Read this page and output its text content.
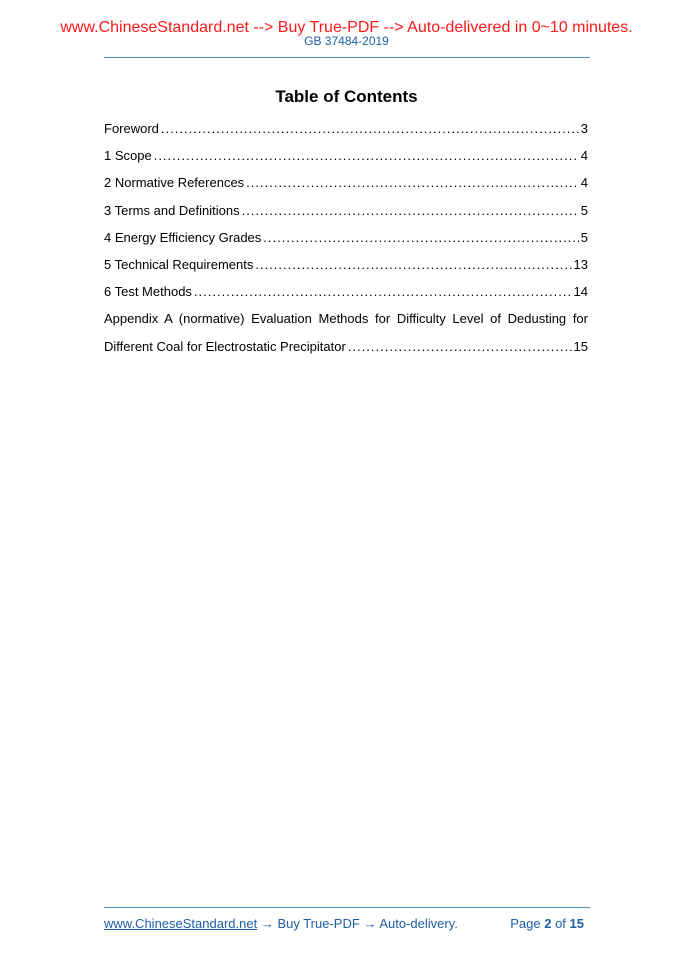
www.ChineseStandard.net --> Buy True-PDF --> Auto-delivered in 0~10 minutes.
GB 37484-2019
Table of Contents
Foreword .....	3
1 Scope .....	4
2 Normative References .....	4
3 Terms and Definitions .....	5
4 Energy Efficiency Grades .....	5
5 Technical Requirements .....	13
6 Test Methods .....	14
Appendix A (normative) Evaluation Methods for Difficulty Level of Dedusting for
Different Coal for Electrostatic Precipitator .....	15
www.ChineseStandard.net → Buy True-PDF → Auto-delivery.	Page 2 of 15
